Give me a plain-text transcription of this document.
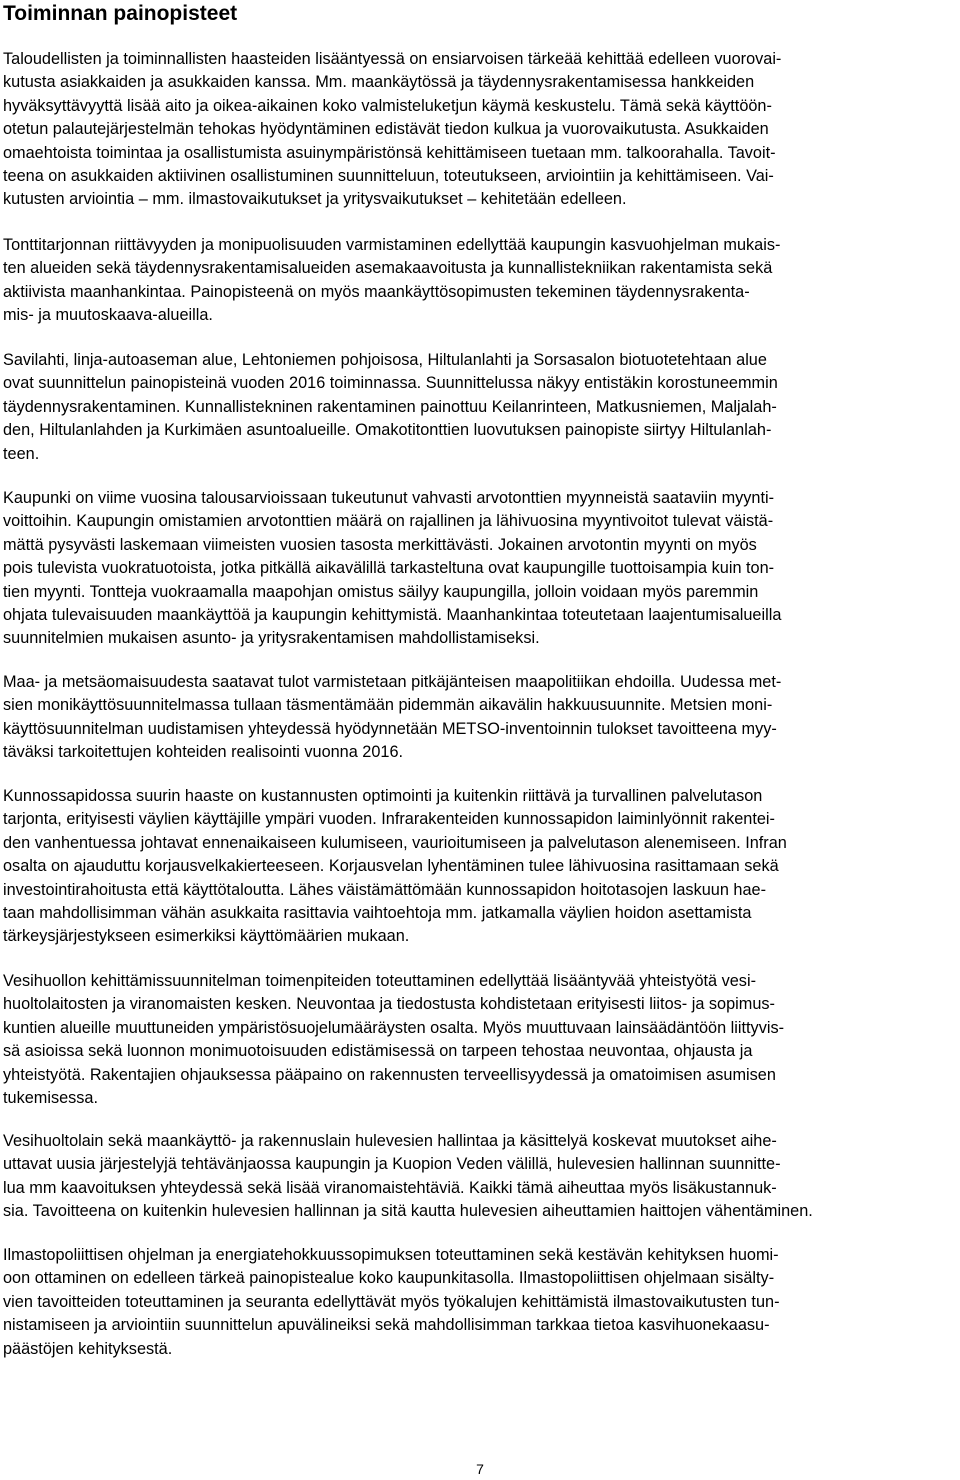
Toiminnan painopisteet

Taloudellisten ja toiminnallisten haasteiden lisääntyessä on ensiarvoisen tärkeää kehittää edelleen vuorovai-
kutusta asiakkaiden ja asukkaiden kanssa. Mm. maankäytössä ja täydennysrakentamisessa hankkeiden
hyväksyttävyyttä lisää aito ja oikea-aikainen koko valmisteluketjun käymä keskustelu. Tämä sekä käyttöön-
otetun palautejärjestelmän tehokas hyödyntäminen edistävät tiedon kulkua ja vuorovaikutusta. Asukkaiden
omaehtoista toimintaa ja osallistumista asuinympäristönsä kehittämiseen tuetaan mm. talkoorahalla. Tavoit-
teena on asukkaiden aktiivinen osallistuminen suunnitteluun, toteutukseen, arviointiin ja kehittämiseen. Vai-
kutusten arviointia – mm. ilmastovaikutukset ja yritysvaikutukset – kehitetään edelleen.

Tonttitarjonnan riittävyyden ja monipuolisuuden varmistaminen edellyttää kaupungin kasvuohjelman mukais-
ten alueiden sekä täydennysrakentamisalueiden asemakaavoitusta ja kunnallistekniikan rakentamista sekä
aktiivista maanhankintaa. Painopisteenä on myös maankäyttösopimusten tekeminen täydennysrakenta-
mis- ja muutoskaava-alueilla.

Savilahti, linja-autoaseman alue, Lehtoniemen pohjoisosa, Hiltulanlahti ja Sorsasalon biotuotetehtaan alue
ovat suunnittelun painopisteinä vuoden 2016 toiminnassa. Suunnittelussa näkyy entistäkin korostuneemmin
täydennysrakentaminen. Kunnallistekninen rakentaminen painottuu Keilanrinteen, Matkusniemen, Maljalah-
den, Hiltulanlahden ja Kurkimäen asuntoalueille. Omakotitonttien luovutuksen painopiste siirtyy Hiltulanlah-
teen.

Kaupunki on viime vuosina talousarvioissaan tukeutunut vahvasti arvotonttien myynneistä saataviin myynti-
voittoihin. Kaupungin omistamien arvotonttien määrä on rajallinen ja lähivuosina myyntivoitot tulevat väistä-
mättä pysyvästi laskemaan viimeisten vuosien tasosta merkittävästi. Jokainen arvotontin myynti on myös
pois tulevista vuokratuotoista, jotka pitkällä aikavälillä tarkasteltuna ovat kaupungille tuottoisampia kuin ton-
tien myynti. Tontteja vuokraamalla maapohjan omistus säilyy kaupungilla, jolloin voidaan myös paremmin
ohjata tulevaisuuden maankäyttöä ja kaupungin kehittymistä. Maanhankintaa toteutetaan laajentumisalueilla
suunnitelmien mukaisen asunto- ja yritysrakentamisen mahdollistamiseksi.

Maa- ja metsäomaisuudesta saatavat tulot varmistetaan pitkäjänteisen maapolitiikan ehdoilla. Uudessa met-
sien monikäyttösuunnitelmassa tullaan täsmentämään pidemmän aikavälin hakkuusuunnite. Metsien moni-
käyttösuunnitelman uudistamisen yhteydessä hyödynnetään METSO-inventoinnin tulokset tavoitteena myy-
täväksi tarkoitettujen kohteiden realisointi vuonna 2016.

Kunnossapidossa suurin haaste on kustannusten optimointi ja kuitenkin riittävä ja turvallinen palvelutason
tarjonta, erityisesti väylien käyttäjille ympäri vuoden. Infrarakenteiden kunnossapidon laiminlyönnit rakentei-
den vanhentuessa johtavat ennenaikaiseen kulumiseen, vaurioitumiseen ja palvelutason alenemiseen. Infran
osalta on ajauduttu korjausvelkakierteeseen. Korjausvelan lyhentäminen tulee lähivuosina rasittamaan sekä
investointirahoitusta että käyttötaloutta. Lähes väistämättömään kunnossapidon hoitotasojen laskuun hae-
taan mahdollisimman vähän asukkaita rasittavia vaihtoehtoja mm. jatkamalla väylien hoidon asettamista
tärkeysjärjestykseen esimerkiksi käyttömäärien mukaan.

Vesihuollon kehittämissuunnitelman toimenpiteiden toteuttaminen edellyttää lisääntyvää yhteistyötä vesi-
huoltolaitosten ja viranomaisten kesken. Neuvontaa ja tiedostusta kohdistetaan erityisesti liitos- ja sopimus-
kuntien alueille muuttuneiden ympäristösuojelumääräysten osalta. Myös muuttuvaan lainsäädäntöön liittyvis-
sä asioissa sekä luonnon monimuotoisuuden edistämisessä on tarpeen tehostaa neuvontaa, ohjausta ja
yhteistyötä. Rakentajien ohjauksessa pääpaino on rakennusten terveellisyydessä ja omatoimisen asumisen
tukemisessa.

Vesihuoltolain sekä maankäyttö- ja rakennuslain hulevesien hallintaa ja käsittelyä koskevat muutokset aihe-
uttavat uusia järjestelyjä tehtävänjaossa kaupungin ja Kuopion Veden välillä, hulevesien hallinnan suunnitte-
lua mm kaavoituksen yhteydessä sekä lisää viranomaistehtäviä. Kaikki tämä aiheuttaa myös lisäkustannuk-
sia. Tavoitteena on kuitenkin hulevesien hallinnan ja sitä kautta hulevesien aiheuttamien haittojen vähentäminen.

Ilmastopoliittisen ohjelman ja energiatehokkuussopimuksen toteuttaminen sekä kestävän kehityksen huomi-
oon ottaminen on edelleen tärkeä painopistealue koko kaupunkitasolla. Ilmastopoliittisen ohjelmaan sisälty-
vien tavoitteiden toteuttaminen ja seuranta edellyttävät myös työkalujen kehittämistä ilmastovaikutusten tun-
nistamiseen ja arviointiin suunnittelun apuvälineiksi sekä mahdollisimman tarkkaa tietoa kasvihuonekaasu-
päästöjen kehityksestä.

7
